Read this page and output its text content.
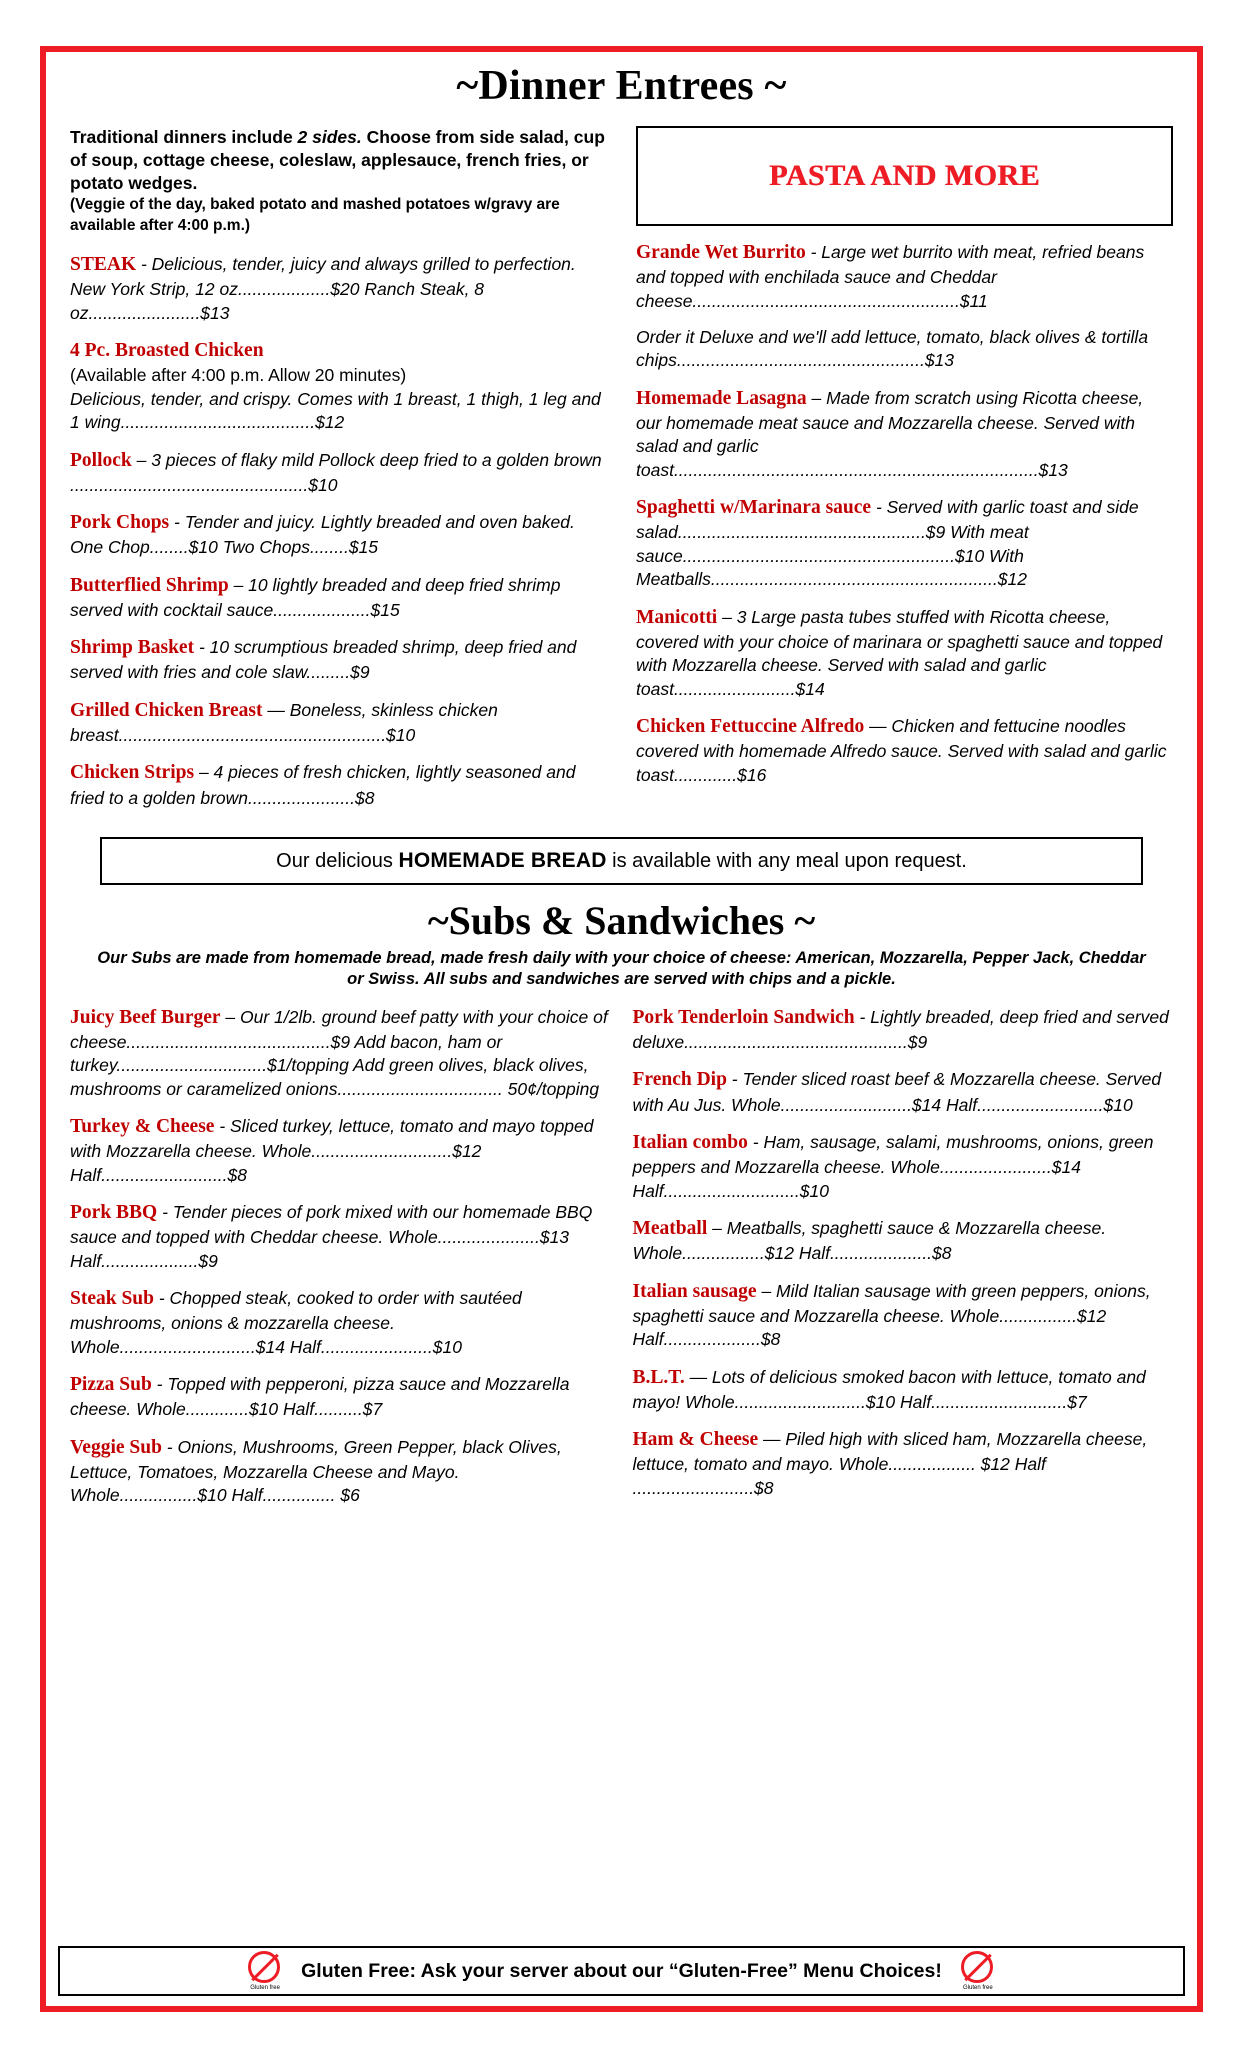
~Dinner Entrees ~
Traditional dinners include 2 sides. Choose from side salad, cup of soup, cottage cheese, coleslaw, applesauce, french fries, or potato wedges.
(Veggie of the day, baked potato and mashed potatoes w/gravy are available after 4:00 p.m.)
STEAK - Delicious, tender, juicy and always grilled to perfection. New York Strip, 12 oz...................$20 Ranch Steak, 8 oz.......................$13
4 Pc. Broasted Chicken
(Available after 4:00 p.m. Allow 20 minutes)
Delicious, tender, and crispy. Comes with 1 breast, 1 thigh, 1 leg and 1 wing........................................$12
Pollock – 3 pieces of flaky mild Pollock deep fried to a golden brown .................................................$10
Pork Chops - Tender and juicy. Lightly breaded and oven baked. One Chop........$10 Two Chops........$15
Butterflied Shrimp – 10 lightly breaded and deep fried shrimp served with cocktail sauce....................$15
Shrimp Basket - 10 scrumptious breaded shrimp, deep fried and served with fries and cole slaw.........$9
Grilled Chicken Breast — Boneless, skinless chicken breast.......................................................$10
Chicken Strips – 4 pieces of fresh chicken, lightly seasoned and fried to a golden brown......................$8
PASTA AND MORE
Grande Wet Burrito - Large wet burrito with meat, refried beans and topped with enchilada sauce and Cheddar cheese.......................................................$11
Order it Deluxe and we'll add lettuce, tomato, black olives & tortilla chips...................................................$13
Homemade Lasagna – Made from scratch using Ricotta cheese, our homemade meat sauce and Mozzarella cheese. Served with salad and garlic toast...........................................................................$13
Spaghetti w/Marinara sauce - Served with garlic toast and side salad...................................................$9 With meat sauce........................................................$10 With Meatballs...........................................................$12
Manicotti – 3 Large pasta tubes stuffed with Ricotta cheese, covered with your choice of marinara or spaghetti sauce and topped with Mozzarella cheese. Served with salad and garlic toast.........................$14
Chicken Fettuccine Alfredo — Chicken and fettucine noodles covered with homemade Alfredo sauce. Served with salad and garlic toast.............$16
Our delicious HOMEMADE BREAD is available with any meal upon request.
~Subs & Sandwiches ~
Our Subs are made from homemade bread, made fresh daily with your choice of cheese: American, Mozzarella, Pepper Jack, Cheddar or Swiss. All subs and sandwiches are served with chips and a pickle.
Juicy Beef Burger – Our 1/2lb. ground beef patty with your choice of cheese..........................................$9 Add bacon, ham or turkey...............................$1/topping Add green olives, black olives, mushrooms or caramelized onions.................................. 50¢/topping
Turkey & Cheese - Sliced turkey, lettuce, tomato and mayo topped with Mozzarella cheese. Whole.............................$12 Half..........................$8
Pork BBQ - Tender pieces of pork mixed with our homemade BBQ sauce and topped with Cheddar cheese. Whole.....................$13 Half....................$9
Steak Sub - Chopped steak, cooked to order with sautéed mushrooms, onions & mozzarella cheese. Whole............................$14 Half.......................$10
Pizza Sub - Topped with pepperoni, pizza sauce and Mozzarella cheese. Whole.............$10 Half..........$7
Veggie Sub - Onions, Mushrooms, Green Pepper, black Olives, Lettuce, Tomatoes, Mozzarella Cheese and Mayo. Whole................$10 Half............... $6
Pork Tenderloin Sandwich - Lightly breaded, deep fried and served deluxe..............................................$9
French Dip - Tender sliced roast beef & Mozzarella cheese. Served with Au Jus. Whole...........................$14 Half..........................$10
Italian combo - Ham, sausage, salami, mushrooms, onions, green peppers and Mozzarella cheese. Whole.......................$14 Half............................$10
Meatball – Meatballs, spaghetti sauce & Mozzarella cheese. Whole.................$12 Half.....................$8
Italian sausage – Mild Italian sausage with green peppers, onions, spaghetti sauce and Mozzarella cheese. Whole................$12 Half....................$8
B.L.T. — Lots of delicious smoked bacon with lettuce, tomato and mayo! Whole...........................$10 Half............................$7
Ham & Cheese — Piled high with sliced ham, Mozzarella cheese, lettuce, tomato and mayo. Whole.................. $12 Half .........................$8
Gluten free
Gluten Free: Ask your server about our “Gluten-Free” Menu Choices!
Gluten free
